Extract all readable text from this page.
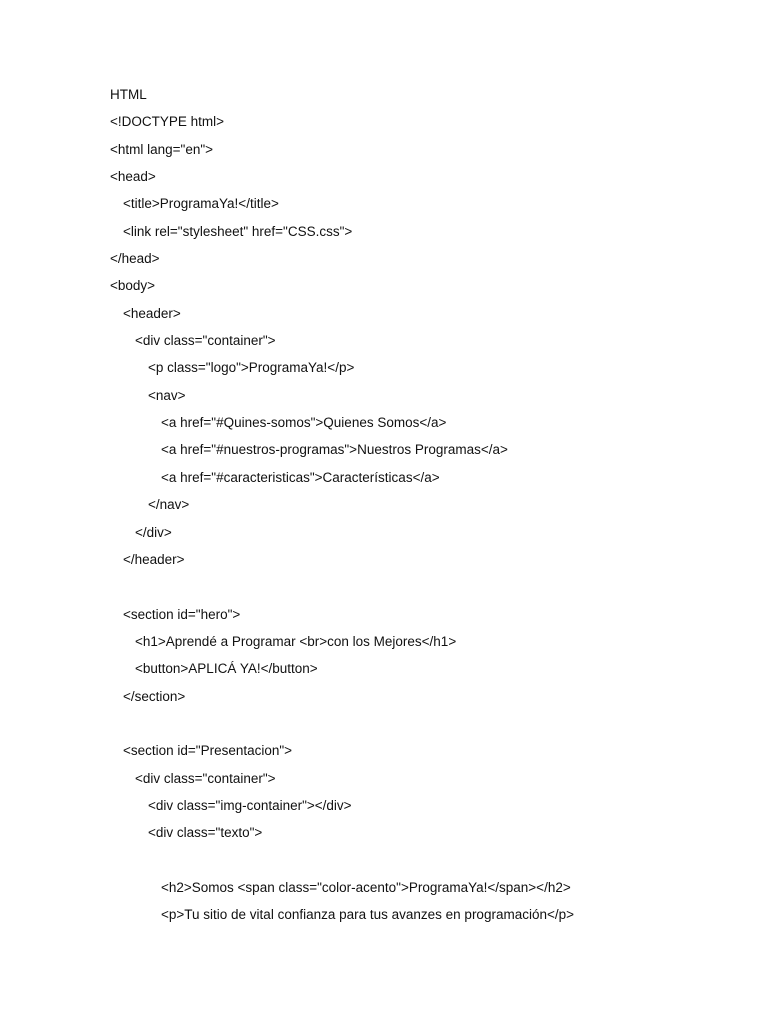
HTML
<!DOCTYPE html>
<html lang="en">
<head>
<title>ProgramaYa!</title>
<link rel="stylesheet" href="CSS.css">
</head>
<body>
<header>
<div class="container">
<p class="logo">ProgramaYa!</p>
<nav>
<a href="#Quines-somos">Quienes Somos</a>
<a href="#nuestros-programas">Nuestros Programas</a>
<a href="#caracteristicas">Características</a>
</nav>
</div>
</header>
<section id="hero">
<h1>Aprendé a Programar <br>con los Mejores</h1>
<button>APLICÁ YA!</button>
</section>
<section id="Presentacion">
<div class="container">
<div class="img-container"></div>
<div class="texto">
<h2>Somos <span class="color-acento">ProgramaYa!</span></h2>
<p>Tu sitio de vital confianza para tus avanzes en programación</p>
